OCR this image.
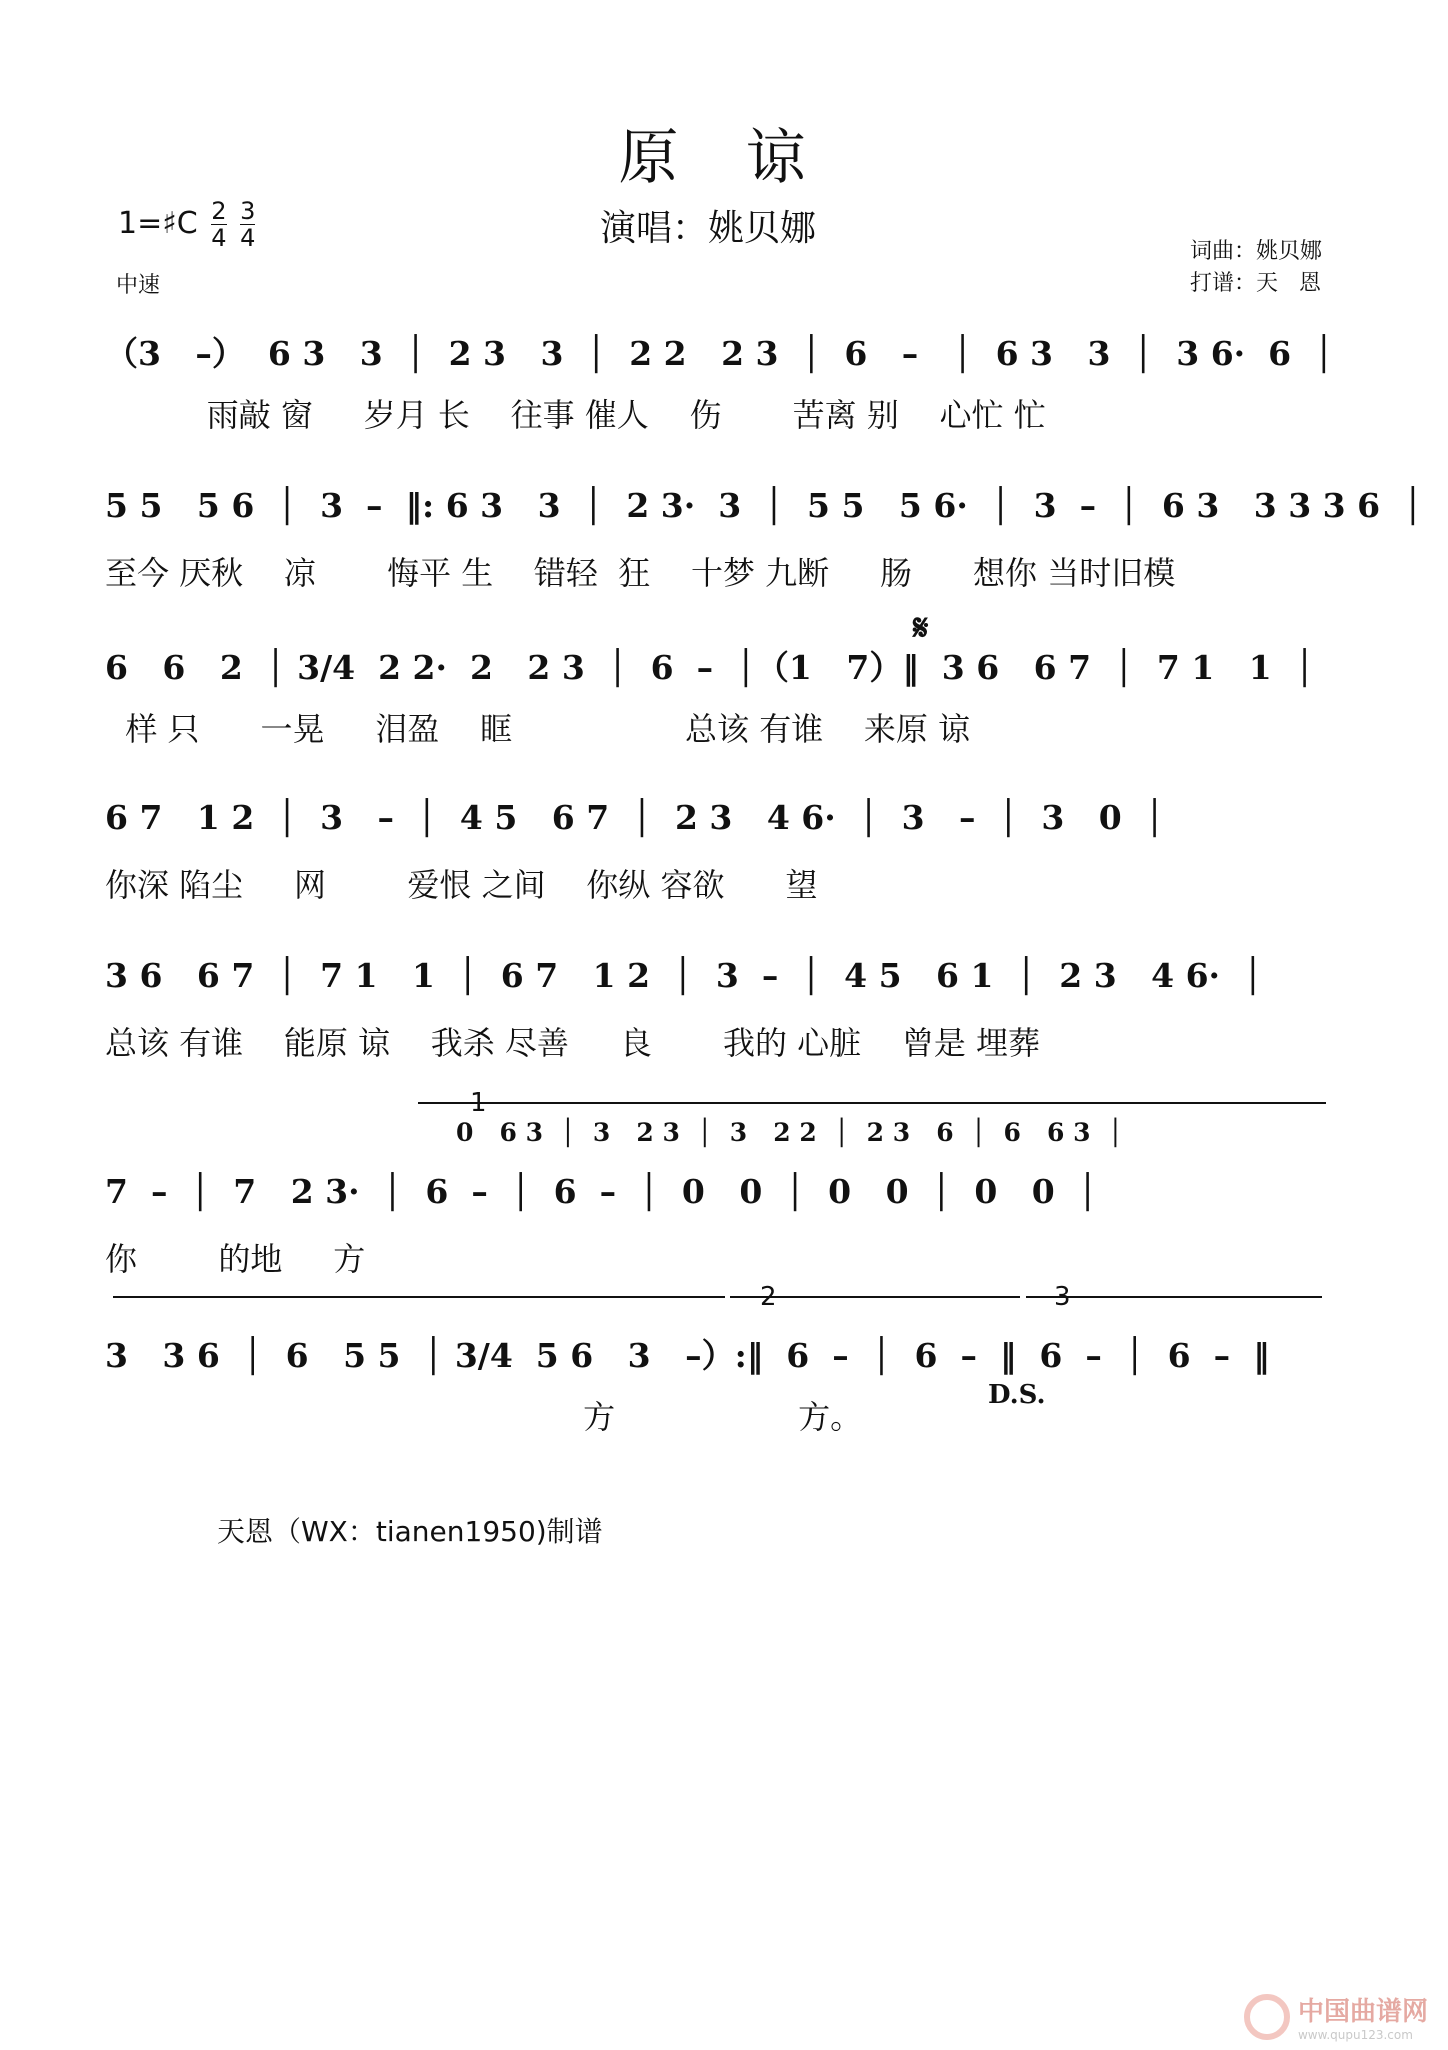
原 谅
1=♯C $\frac{2}{4}$
$\frac{3}{4}$	演唱：姚贝娜
中速
词曲：姚贝娜
打谱：天   恩
（3   –）  6 3   3  │  2 3   3  │  2 2   2 3  │  6   –   │  6 3   3  │  3 6·  6  │
雨敲 窗     岁月 长    往事 催人    伤       苦离 别    心忙 忙
5 5   5 6  │  3  –  ‖: 6 3   3  │  2 3·  3  │  5 5   5 6·  │  3  –  │  6 3   3 3 3 6  │
至今 厌秋    凉       悔平 生    错轻  狂    十梦 九断     肠      想你 当时旧模
𝄋
6   6   2  │ 3/4  2 2·  2   2 3  │  6  –  │（1   7）‖  3 6   6 7  │  7 1   1  │
样 只      一晃     泪盈    眶                 总该 有谁    来原 谅
6 7   1 2  │  3   –  │  4 5   6 7  │  2 3   4 6·  │  3   –  │  3   0  │
你深 陷尘     网        爱恨 之间    你纵 容欲      望
3 6   6 7  │  7 1   1  │  6 7   1 2  │  3  –  │  4 5   6 1  │  2 3   4 6·  │
总该 有谁    能原 谅    我杀 尽善     良       我的 心脏    曾是 埋葬
1
0   6 3  │  3   2 3  │  3   2 2  │  2 3   6  │  6   6 3  │
7  –  │  7   2 3·  │  6  –  │  6  –  │  0   0  │  0   0  │  0   0  │
你        的地     方
2	3
3   3 6  │  6   5 5  │ 3/4  5 6   3   –）:‖  6  –  │  6  –  ‖  6  –  │  6  –  ‖
方                  方。
D.S.
天恩（WX：tianen1950)制谱
中国曲谱网
www.qupu123.com
